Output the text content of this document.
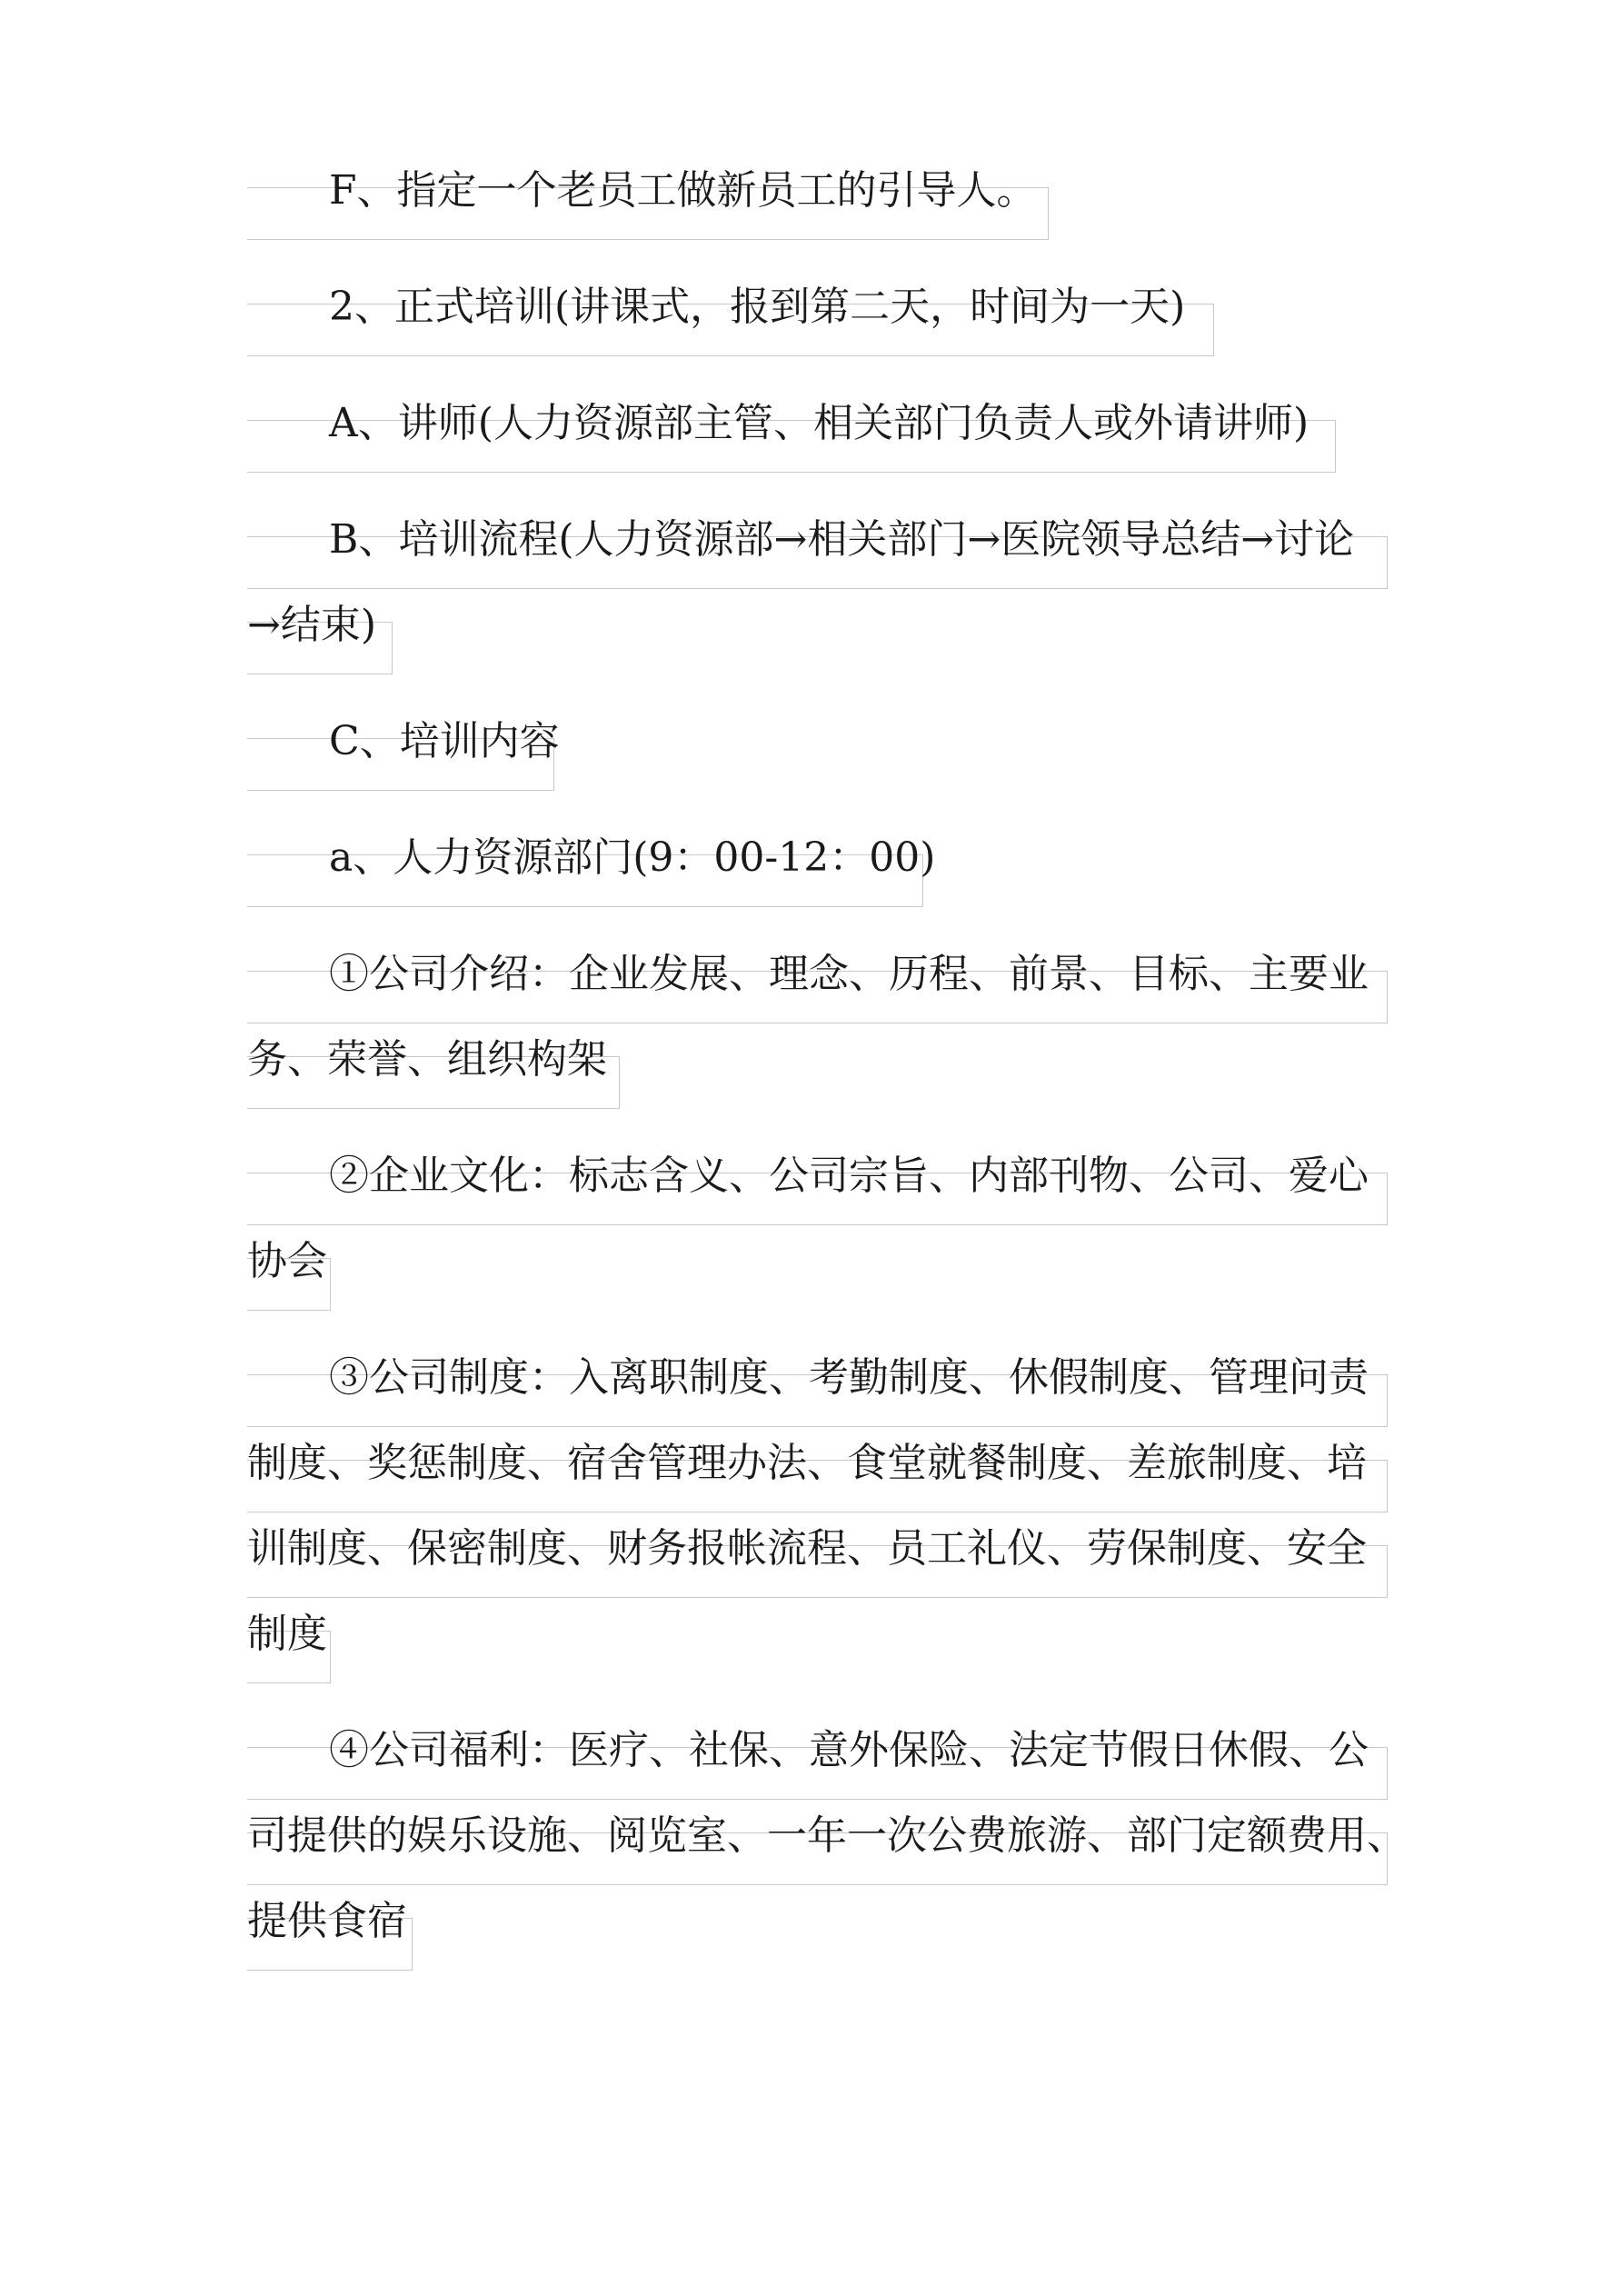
F、指定一个老员工做新员工的引导人。
2、正式培训(讲课式，报到第二天，时间为一天)
A、讲师(人力资源部主管、相关部门负责人或外请讲师)
B、培训流程(人力资源部→相关部门→医院领导总结→讨论
→结束)
C、培训内容
a、人力资源部门(9：00-12：00)
①公司介绍：企业发展、理念、历程、前景、目标、主要业
务、荣誉、组织构架
②企业文化：标志含义、公司宗旨、内部刊物、公司、爱心
协会
③公司制度：入离职制度、考勤制度、休假制度、管理问责
制度、奖惩制度、宿舍管理办法、食堂就餐制度、差旅制度、培
训制度、保密制度、财务报帐流程、员工礼仪、劳保制度、安全
制度
④公司福利：医疗、社保、意外保险、法定节假日休假、公
司提供的娱乐设施、阅览室、一年一次公费旅游、部门定额费用、
提供食宿
